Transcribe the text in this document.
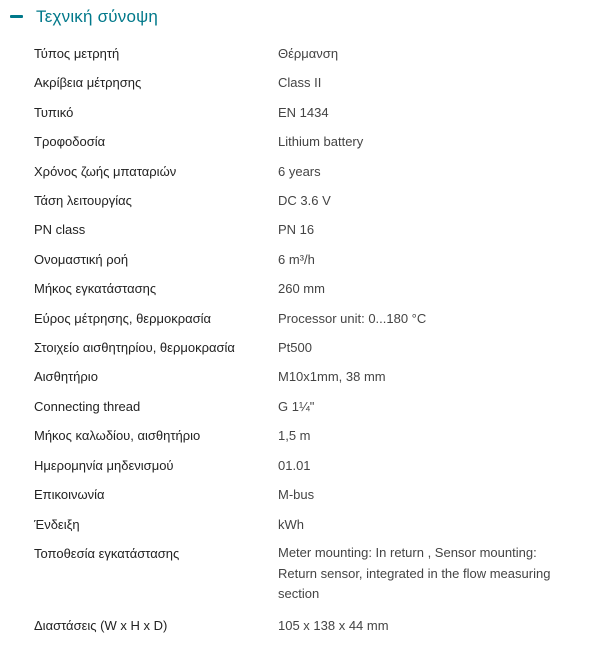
Τεχνική σύνοψη
Τύπος μετρητή	Θέρμανση
Ακρίβεια μέτρησης	Class II
Τυπικό	EN 1434
Τροφοδοσία	Lithium battery
Χρόνος ζωής μπαταριών	6 years
Τάση λειτουργίας	DC 3.6 V
PN class	PN 16
Ονομαστική ροή	6 m³/h
Μήκος εγκατάστασης	260 mm
Εύρος μέτρησης, θερμοκρασία	Processor unit: 0...180 °C
Στοιχείο αισθητηρίου, θερμοκρασία	Pt500
Αισθητήριο	M10x1mm, 38 mm
Connecting thread	G 1¼"
Μήκος καλωδίου, αισθητήριο	1,5 m
Ημερομηνία μηδενισμού	01.01
Επικοινωνία	M-bus
Ένδειξη	kWh
Τοποθεσία εγκατάστασης	Meter mounting: In return , Sensor mounting: Return sensor, integrated in the flow measuring section
Διαστάσεις (W x H x D)	105 x 138 x 44 mm
